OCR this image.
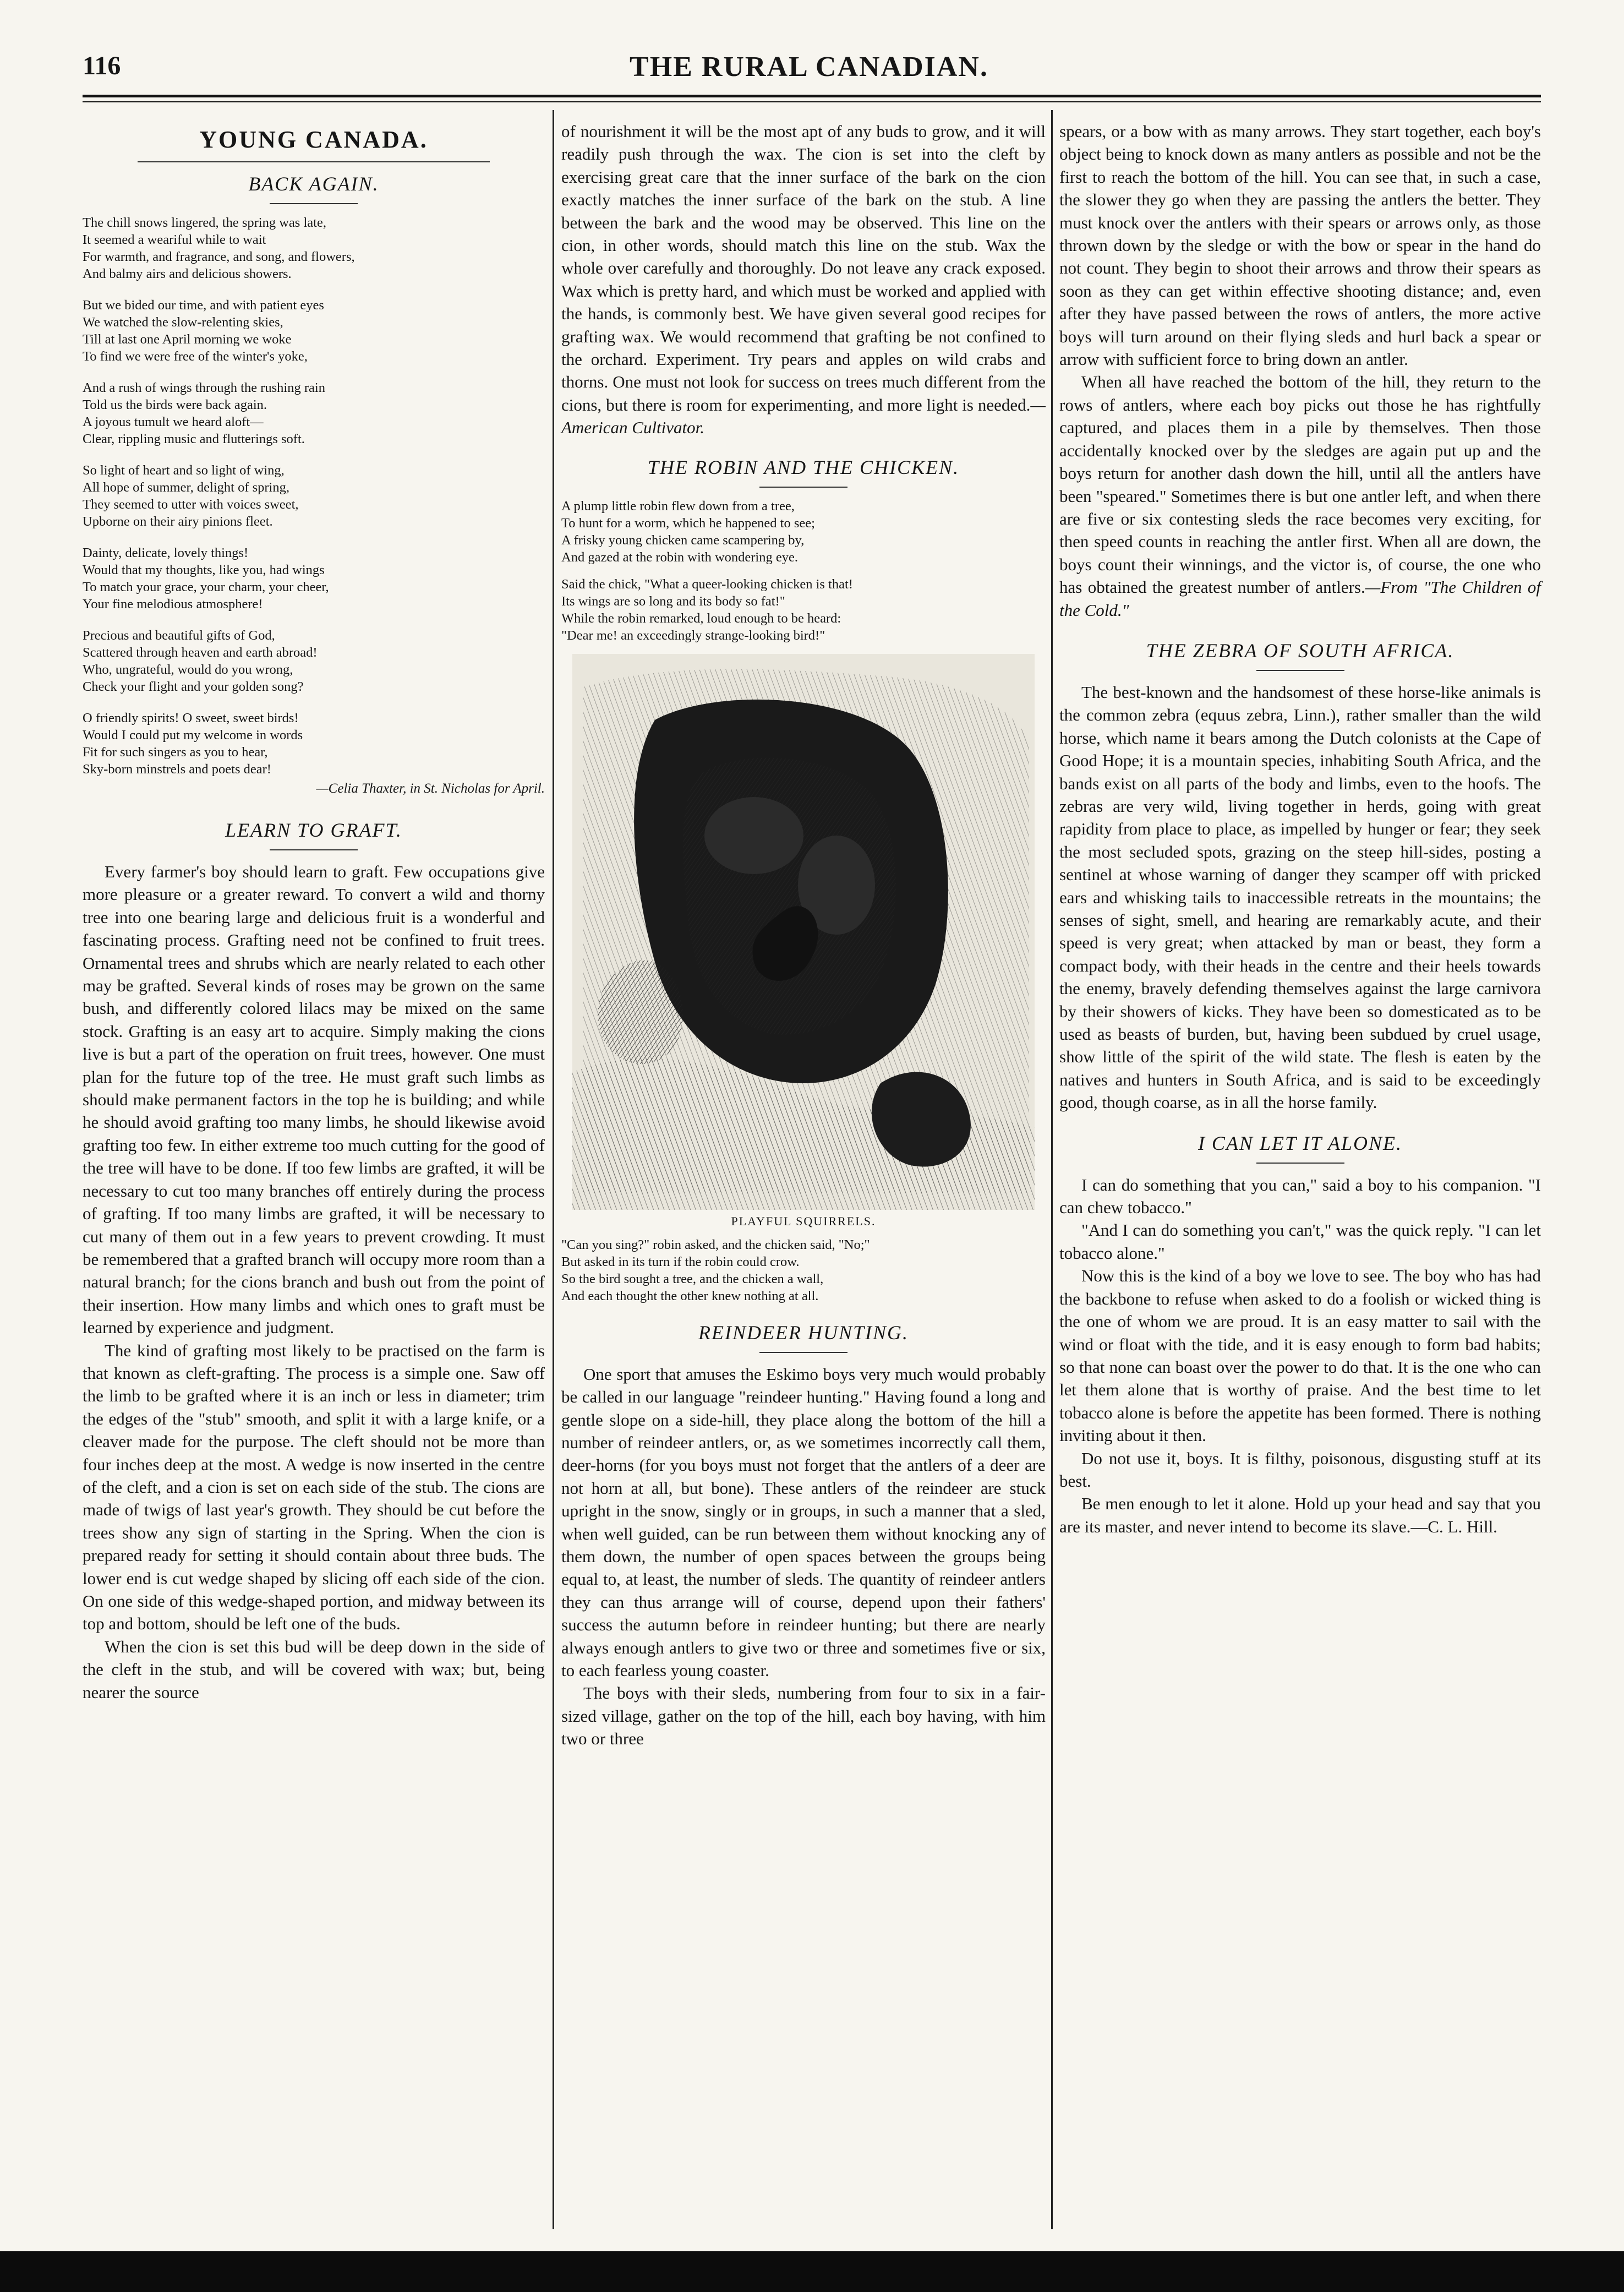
116	THE RURAL CANADIAN.
YOUNG CANADA.
BACK AGAIN.

The chill snows lingered, the spring was late,

It seemed a weariful while to wait

For warmth, and fragrance, and song, and flowers,

And balmy airs and delicious showers.

But we bided our time, and with patient eyes

We watched the slow-relenting skies,

Till at last one April morning we woke

To find we were free of the winter's yoke,

And a rush of wings through the rushing rain

Told us the birds were back again.

A joyous tumult we heard aloft—

Clear, rippling music and flutterings soft.

So light of heart and so light of wing,

All hope of summer, delight of spring,

They seemed to utter with voices sweet,

Upborne on their airy pinions fleet.

Dainty, delicate, lovely things!

Would that my thoughts, like you, had wings

To match your grace, your charm, your cheer,

Your fine melodious atmosphere!

Precious and beautiful gifts of God,

Scattered through heaven and earth abroad!

Who, ungrateful, would do you wrong,

Check your flight and your golden song?

O friendly spirits! O sweet, sweet birds!

Would I could put my welcome in words

Fit for such singers as you to hear,

Sky-born minstrels and poets dear!

—Celia Thaxter, in St. Nicholas for April.
LEARN TO GRAFT.

Every farmer's boy should learn to graft. Few occupations give more pleasure or a greater reward. To convert a wild and thorny tree into one bearing large and delicious fruit is a wonderful and fascinating process. Grafting need not be confined to fruit trees. Ornamental trees and shrubs which are nearly related to each other may be grafted. Several kinds of roses may be grown on the same bush, and differently colored lilacs may be mixed on the same stock. Grafting is an easy art to acquire. Simply making the cions live is but a part of the operation on fruit trees, however. One must plan for the future top of the tree. He must graft such limbs as should make permanent factors in the top he is building; and while he should avoid grafting too many limbs, he should likewise avoid grafting too few. In either extreme too much cutting for the good of the tree will have to be done. If too few limbs are grafted, it will be necessary to cut too many branches off entirely during the process of grafting. If too many limbs are grafted, it will be necessary to cut many of them out in a few years to prevent crowding. It must be remembered that a grafted branch will occupy more room than a natural branch; for the cions branch and bush out from the point of their insertion. How many limbs and which ones to graft must be learned by experience and judgment.

The kind of grafting most likely to be practised on the farm is that known as cleft-grafting. The process is a simple one. Saw off the limb to be grafted where it is an inch or less in diameter; trim the edges of the "stub" smooth, and split it with a large knife, or a cleaver made for the purpose. The cleft should not be more than four inches deep at the most. A wedge is now inserted in the centre of the cleft, and a cion is set on each side of the stub. The cions are made of twigs of last year's growth. They should be cut before the trees show any sign of starting in the Spring. When the cion is prepared ready for setting it should contain about three buds. The lower end is cut wedge shaped by slicing off each side of the cion. On one side of this wedge-shaped portion, and midway between its top and bottom, should be left one of the buds.

When the cion is set this bud will be deep down in the side of the cleft in the stub, and will be covered with wax; but, being nearer the source

of nourishment it will be the most apt of any buds to grow, and it will readily push through the wax. The cion is set into the cleft by exercising great care that the inner surface of the bark on the cion exactly matches the inner surface of the bark on the stub. A line between the bark and the wood may be observed. This line on the cion, in other words, should match this line on the stub. Wax the whole over carefully and thoroughly. Do not leave any crack exposed. Wax which is pretty hard, and which must be worked and applied with the hands, is commonly best. We have given several good recipes for grafting wax. We would recommend that grafting be not confined to the orchard. Experiment. Try pears and apples on wild crabs and thorns. One must not look for success on trees much different from the cions, but there is room for experimenting, and more light is needed.—American Cultivator.

THE ROBIN AND THE CHICKEN.

A plump little robin flew down from a tree,

To hunt for a worm, which he happened to see;

A frisky young chicken came scampering by,

And gazed at the robin with wondering eye.

Said the chick, "What a queer-looking chicken is that!

Its wings are so long and its body so fat!"

While the robin remarked, loud enough to be heard:

"Dear me! an exceedingly strange-looking bird!"

PLAYFUL SQUIRRELS.

"Can you sing?" robin asked, and the chicken said, "No;"

But asked in its turn if the robin could crow.

So the bird sought a tree, and the chicken a wall,

And each thought the other knew nothing at all.

REINDEER HUNTING.

One sport that amuses the Eskimo boys very much would probably be called in our language "reindeer hunting." Having found a long and gentle slope on a side-hill, they place along the bottom of the hill a number of reindeer antlers, or, as we sometimes incorrectly call them, deer-horns (for you boys must not forget that the antlers of a deer are not horn at all, but bone). These antlers of the reindeer are stuck upright in the snow, singly or in groups, in such a manner that a sled, when well guided, can be run between them without knocking any of them down, the number of open spaces between the groups being equal to, at least, the number of sleds. The quantity of reindeer antlers they can thus arrange will of course, depend upon their fathers' success the autumn before in reindeer hunting; but there are nearly always enough antlers to give two or three and sometimes five or six, to each fearless young coaster.

The boys with their sleds, numbering from four to six in a fair-sized village, gather on the top of the hill, each boy having, with him two or three

spears, or a bow with as many arrows. They start together, each boy's object being to knock down as many antlers as possible and not be the first to reach the bottom of the hill. You can see that, in such a case, the slower they go when they are passing the antlers the better. They must knock over the antlers with their spears or arrows only, as those thrown down by the sledge or with the bow or spear in the hand do not count. They begin to shoot their arrows and throw their spears as soon as they can get within effective shooting distance; and, even after they have passed between the rows of antlers, the more active boys will turn around on their flying sleds and hurl back a spear or arrow with sufficient force to bring down an antler.

When all have reached the bottom of the hill, they return to the rows of antlers, where each boy picks out those he has rightfully captured, and places them in a pile by themselves. Then those accidentally knocked over by the sledges are again put up and the boys return for another dash down the hill, until all the antlers have been "speared." Sometimes there is but one antler left, and when there are five or six contesting sleds the race becomes very exciting, for then speed counts in reaching the antler first. When all are down, the boys count their winnings, and the victor is, of course, the one who has obtained the greatest number of antlers.—From "The Children of the Cold."

THE ZEBRA OF SOUTH AFRICA.

The best-known and the handsomest of these horse-like animals is the common zebra (equus zebra, Linn.), rather smaller than the wild horse, which name it bears among the Dutch colonists at the Cape of Good Hope; it is a mountain species, inhabiting South Africa, and the bands exist on all parts of the body and limbs, even to the hoofs. The zebras are very wild, living together in herds, going with great rapidity from place to place, as impelled by hunger or fear; they seek the most secluded spots, grazing on the steep hill-sides, posting a sentinel at whose warning of danger they scamper off with pricked ears and whisking tails to inaccessible retreats in the mountains; the senses of sight, smell, and hearing are remarkably acute, and their speed is very great; when attacked by man or beast, they form a compact body, with their heads in the centre and their heels towards the enemy, bravely defending themselves against the large carnivora by their showers of kicks. They have been so domesticated as to be used as beasts of burden, but, having been subdued by cruel usage, show little of the spirit of the wild state. The flesh is eaten by the natives and hunters in South Africa, and is said to be exceedingly good, though coarse, as in all the horse family.

I CAN LET IT ALONE.

I can do something that you can," said a boy to his companion. "I can chew tobacco."

"And I can do something you can't," was the quick reply. "I can let tobacco alone."

Now this is the kind of a boy we love to see. The boy who has had the backbone to refuse when asked to do a foolish or wicked thing is the one of whom we are proud. It is an easy matter to sail with the wind or float with the tide, and it is easy enough to form bad habits; so that none can boast over the power to do that. It is the one who can let them alone that is worthy of praise. And the best time to let tobacco alone is before the appetite has been formed. There is nothing inviting about it then.

Do not use it, boys. It is filthy, poisonous, disgusting stuff at its best.

Be men enough to let it alone. Hold up your head and say that you are its master, and never intend to become its slave.—C. L. Hill.
